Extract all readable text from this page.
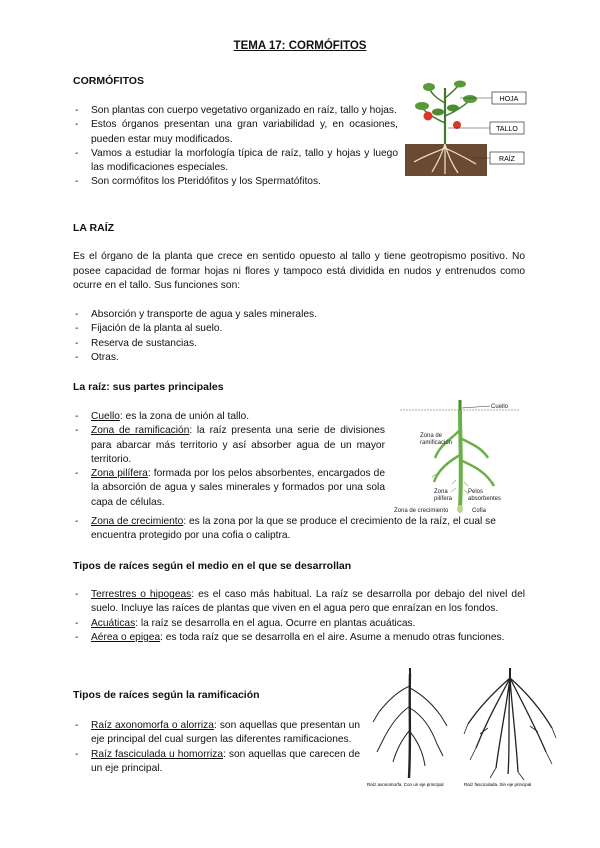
TEMA 17: CORMÓFITOS
CORMÓFITOS
- Son plantas con cuerpo vegetativo organizado en raíz, tallo y hojas.
- Estos órganos presentan una gran variabilidad y, en ocasiones, pueden estar muy modificados.
- Vamos a estudiar la morfología típica de raíz, tallo y hojas y luego las modificaciones especiales.
- Son cormófitos los Pteridófitos y los Spermatófitos.
HOJA
TALLO
RAÍZ
LA RAÍZ
Es el órgano de la planta que crece en sentido opuesto al tallo y tiene geotropismo positivo. No posee capacidad de formar hojas ni flores y tampoco está dividida en nudos y entrenudos como ocurre en el tallo. Sus funciones son:
- Absorción y transporte de agua y sales minerales.
- Fijación de la planta al suelo.
- Reserva de sustancias.
- Otras.
La raíz: sus partes principales
- Cuello: es la zona de unión al tallo.
- Zona de ramificación: la raíz presenta una serie de divisiones para abarcar más territorio y así absorber agua de un mayor territorio.
- Zona pilífera: formada por los pelos absorbentes, encargados de la absorción de agua y sales minerales y formados por una sola capa de células.
- Zona de crecimiento: es la zona por la que se produce el crecimiento de la raíz, el cual se encuentra protegido por una cofia o caliptra.
Cuello
Zona de
ramificación
Zona
pilífera
Pelos
absorbentes
Zona de crecimiento	Cofia
Tipos de raíces según el medio en el que se desarrollan
- Terrestres o hipogeas: es el caso más habitual. La raíz se desarrolla por debajo del nivel del suelo. Incluye las raíces de plantas que viven en el agua pero que enraízan en los fondos.
- Acuáticas: la raíz se desarrolla en el agua. Ocurre en plantas acuáticas.
- Aérea o epigea: es toda raíz que se desarrolla en el aire. Asume a menudo otras funciones.
Tipos de raíces según la ramificación
- Raíz axonomorfa o alorriza: son aquellas que presentan un eje principal del cual surgen las diferentes ramificaciones.
- Raíz fasciculada u homorriza: son aquellas que carecen de un eje principal.
Raíz axonomorfa. Con un eje principal	Raíz fasciculada. Sin eje principal
